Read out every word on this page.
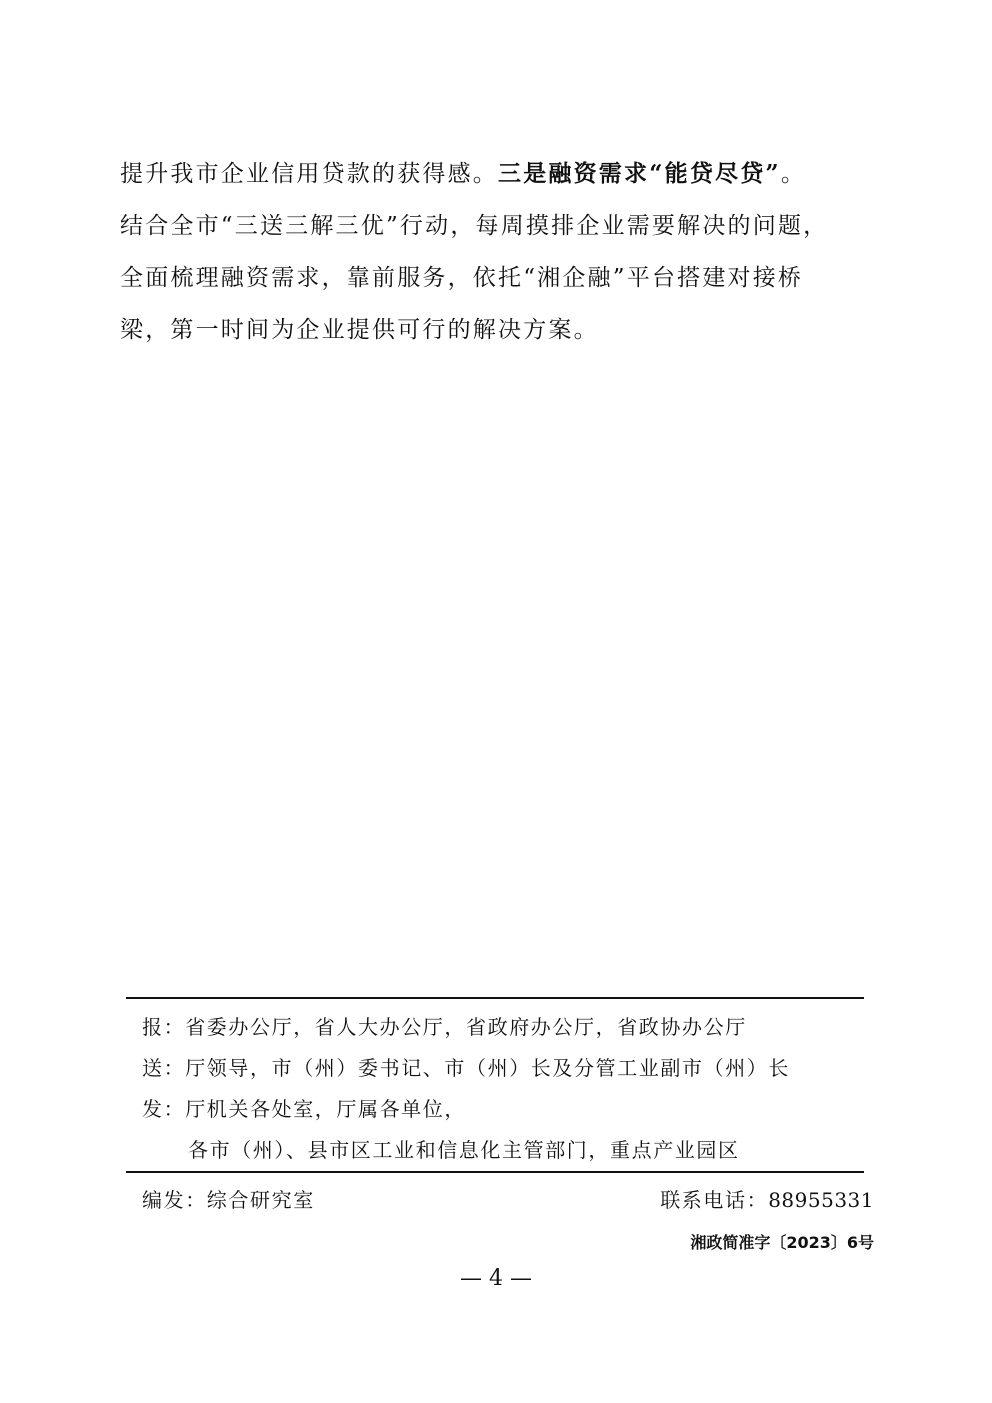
提升我市企业信用贷款的获得感。三是融资需求“能贷尽贷”。
结合全市“三送三解三优”行动，每周摸排企业需要解决的问题，
全面梳理融资需求，靠前服务，依托“湘企融”平台搭建对接桥
梁，第一时间为企业提供可行的解决方案。
报：省委办公厅，省人大办公厅，省政府办公厅，省政协办公厅
送：厅领导，市（州）委书记、市（州）长及分管工业副市（州）长
发：厅机关各处室，厅属各单位，
各市（州）、县市区工业和信息化主管部门，重点产业园区
编发：综合研究室	联系电话：88955331
湘政简准字〔2023〕6号
— 4 —
